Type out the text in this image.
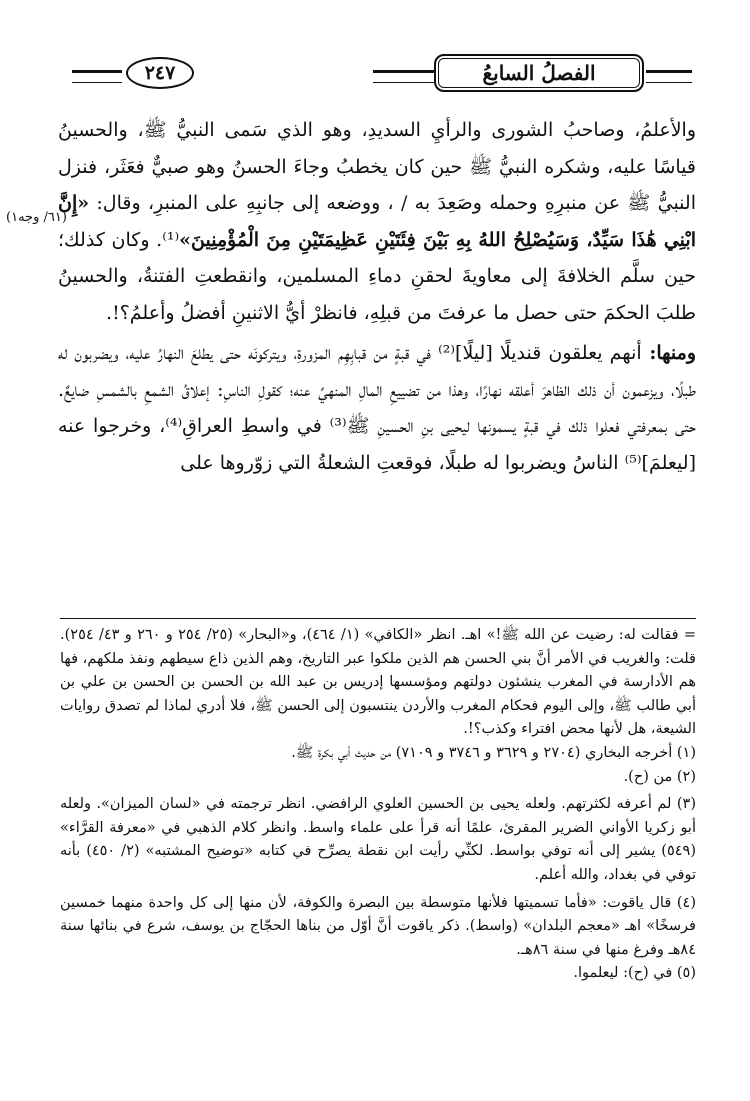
الفصلُ السابعُ
٢٤٧
(٦١/ وجه١)

والأعلمُ، وصاحبُ الشورى والرأيِ السديدِ، وهو الذي سَمى النبيُّ ﷺ، والحسينُ قياسًا عليه، وشكره النبيُّ ﷺ حين كان يخطبُ وجاءَ الحسنُ وهو صبيٌّ فعَثَر، فنزل النبيُّ ﷺ عن منبرِهِ وحمله وصَعِدَ به / ، ووضعه إلى جانبِهِ على المنبرِ، وقال: «إِنَّ ابْنِي هَٰذَا سَيِّدٌ، وَسَيُصْلِحُ اللهُ بِهِ بَيْنَ فِئَتَيْنِ عَظِيمَتَيْنِ مِنَ الْمُؤْمِنِينَ»⁽¹⁾. وكان كذلك؛ حين سلَّم الخلافةَ إلى معاويةَ لحقنِ دماءِ المسلمين، وانقطعتِ الفتنةُ، والحسينُ طلبَ الحكمَ حتى حصل ما عرفتَ من قبلِهِ، فانظرْ أيُّ الاثنينِ أفضلُ وأعلمُ؟!.

ومنها: أنهم يعلقون قنديلًا [ليلًا]⁽²⁾ في قبةٍ من قبابِهِم المزورةِ، ويتركونَه حتى يطلعَ النهارُ عليه، ويضربون له طبلًا، ويزعمون أن ذلك الظاهرَ أعلقه نهارًا، وهذا من تضييعِ المالِ المنهيِّ عنه؛ كقولِ الناسِ: إعلاقُ الشمعِ بالشمسِ ضايعٌ. حتى بمعرفتي فعلوا ذلك في قبةٍ يسمونها ليحيى بنِ الحسينِ ﷺ⁽³⁾ في واسطِ العراقِ⁽⁴⁾، وخرجوا عنه [ليعلمَ]⁽⁵⁾ الناسُ ويضربوا له طبلًا، فوقعتِ الشعلةُ التي زوّروها على

= فقالت له: رضيت عن الله ﷺ!» اهـ. انظر «الكافي» (١/ ٤٦٤)، و«البحار» (٢٥/ ٢٥٤ و ٢٦٠ و ٤٣/ ٢٥٤). قلت: والغريب في الأمر أنَّ بني الحسن هم الذين ملكوا عبر التاريخ، وهم الذين ذاع سيطهم ونفذ ملكهم، فها هم الأدارسة في المغرب ينشئون دولتهم ومؤسسها إدريس بن عبد الله بن الحسن بن الحسن بن علي بن أبي طالب ﷺ، وإلى اليوم فحكام المغرب والأردن ينتسبون إلى الحسن ﷺ، فلا أدري لماذا لم تصدق روايات الشيعة، هل لأنها محض افتراء وكذب؟!.

(١) أخرجه البخاري (٢٧٠٤ و ٣٦٢٩ و ٣٧٤٦ و ٧١٠٩) من حديث أبي بكرة ﷺ.

(٢) من (ح).

(٣) لم أعرفه لكثرتهم. ولعله يحيى بن الحسين العلوي الرافضي. انظر ترجمته في «لسان الميزان». ولعله أبو زكريا الأواني الضرير المقرئ، علمًا أنه قرأ على علماء واسط. وانظر كلام الذهبي في «معرفة القرَّاء» (٥٤٩) يشير إلى أنه توفي بواسط. لكنِّي رأيت ابن نقطة يصرِّح في كتابه «توضيح المشتبه» (٢/ ٤٥٠) بأنه توفي في بغداد، والله أعلم.

(٤) قال ياقوت: «فأما تسميتها فلأنها متوسطة بين البصرة والكوفة، لأن منها إلى كل واحدة منهما خمسين فرسخًا» اهـ «معجم البلدان» (واسط). ذكر ياقوت أنَّ أوّل من بناها الحجّاج بن يوسف، شرع في بنائها سنة ٨٤هـ وفرغ منها في سنة ٨٦هـ.

(٥) في (ح): ليعلموا.
